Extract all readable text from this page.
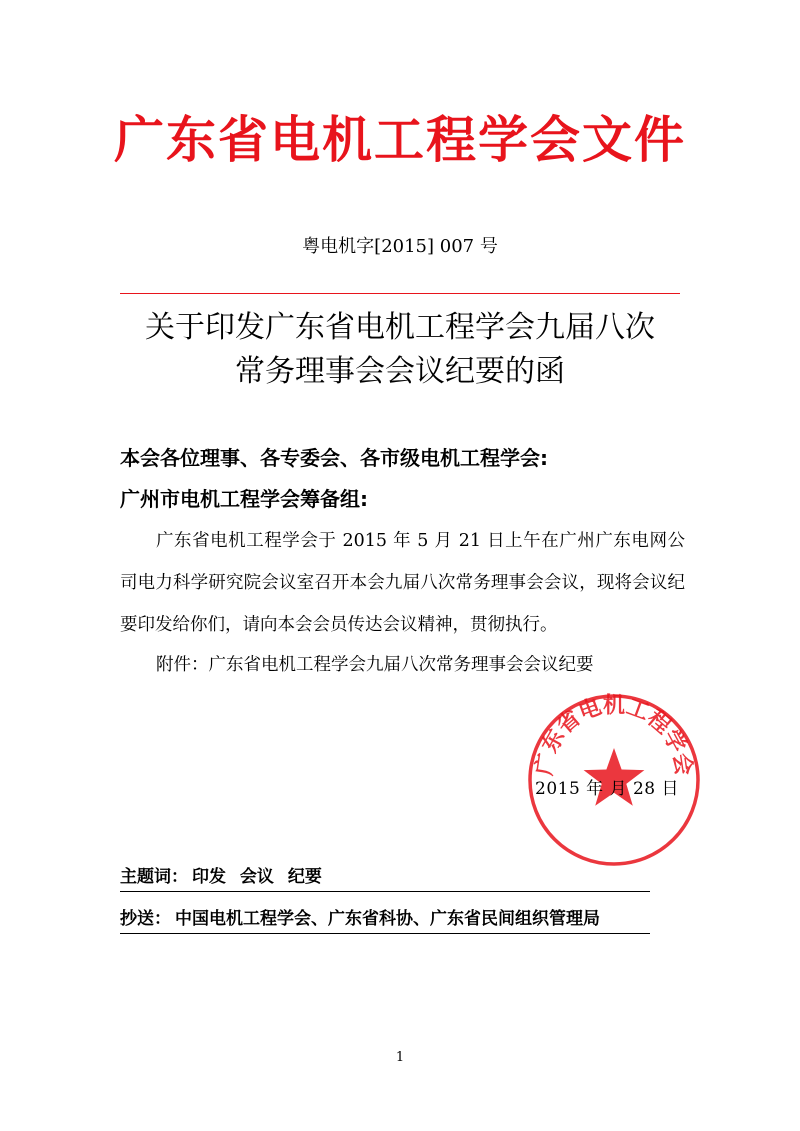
广东省电机工程学会文件
粤电机字[2015] 007 号
关于印发广东省电机工程学会九届八次
常务理事会会议纪要的函
本会各位理事、各专委会、各市级电机工程学会:
广州市电机工程学会筹备组:

广东省电机工程学会于 2015 年 5 月 21 日上午在广州广东电网公司电力科学研究院会议室召开本会九届八次常务理事会会议，现将会议纪要印发给你们，请向本会会员传达会议精神，贯彻执行。

附件：广东省电机工程学会九届八次常务理事会会议纪要
广东省电机工程学会
2015 年 月 28 日
主题词： 印发 会议 纪要
抄送： 中国电机工程学会、广东省科协、广东省民间组织管理局
1
